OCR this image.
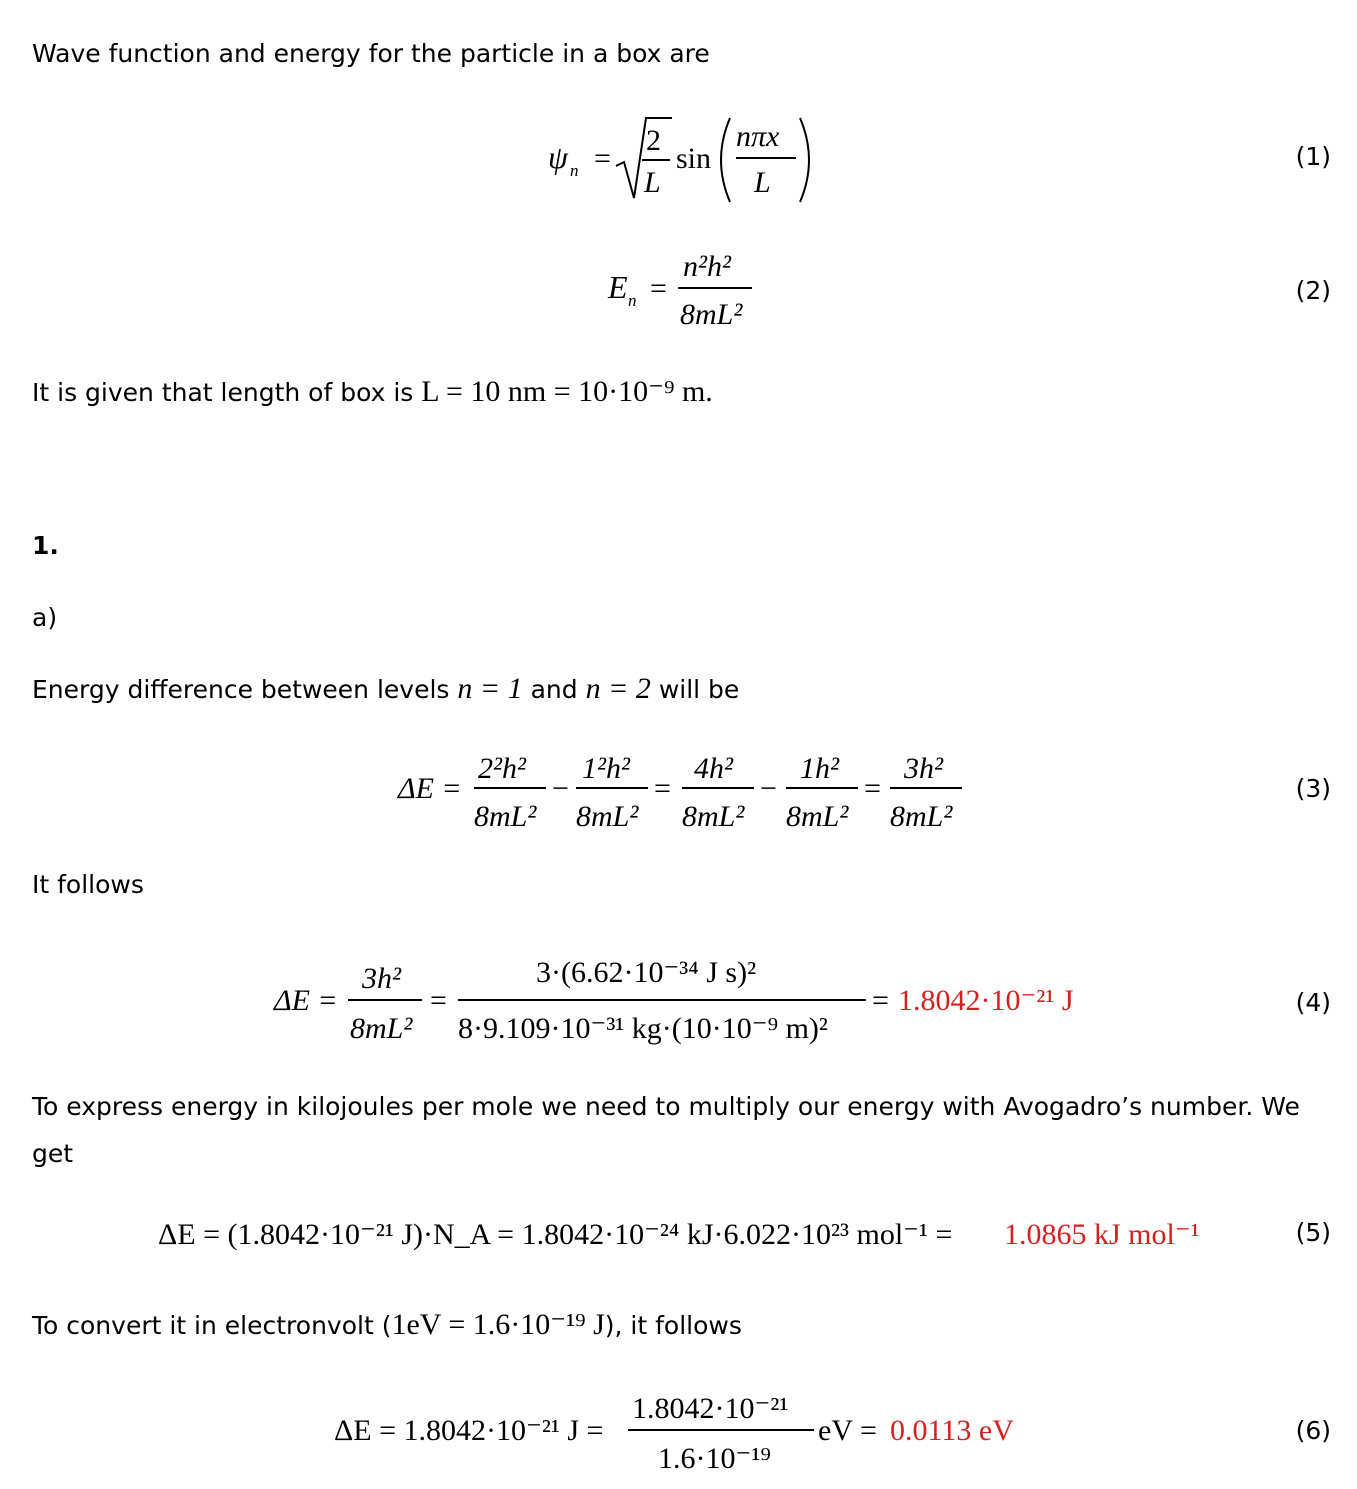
Wave function and energy for the particle in a box are
ψ n =
2
L
sin
nπx
L
(1)
E n =
n²h²
8mL²
(2)
It is given that length of box is L = 10 nm = 10·10⁻⁹ m.
1.
a)
Energy difference between levels n = 1 and n = 2 will be
ΔE =
2²h²
8mL²
−
1²h²
8mL²
=
4h²
8mL²
−
1h²
8mL²
=
3h²
8mL²
(3)
It follows
ΔE =
3h²
8mL²
=
3·(6.62·10⁻³⁴ J s)²
8·9.109·10⁻³¹ kg·(10·10⁻⁹ m)²
= 1.8042·10⁻²¹ J	(4)
To express energy in kilojoules per mole we need to multiply our energy with Avogadro’s number. We get
ΔE = (1.8042·10⁻²¹ J)·N_A = 1.8042·10⁻²⁴ kJ·6.022·10²³ mol⁻¹ = 1.0865 kJ mol⁻¹	(5)
To convert it in electronvolt (1eV = 1.6·10⁻¹⁹ J), it follows
ΔE = 1.8042·10⁻²¹ J =
1.8042·10⁻²¹
1.6·10⁻¹⁹
eV = 0.0113 eV	(6)
